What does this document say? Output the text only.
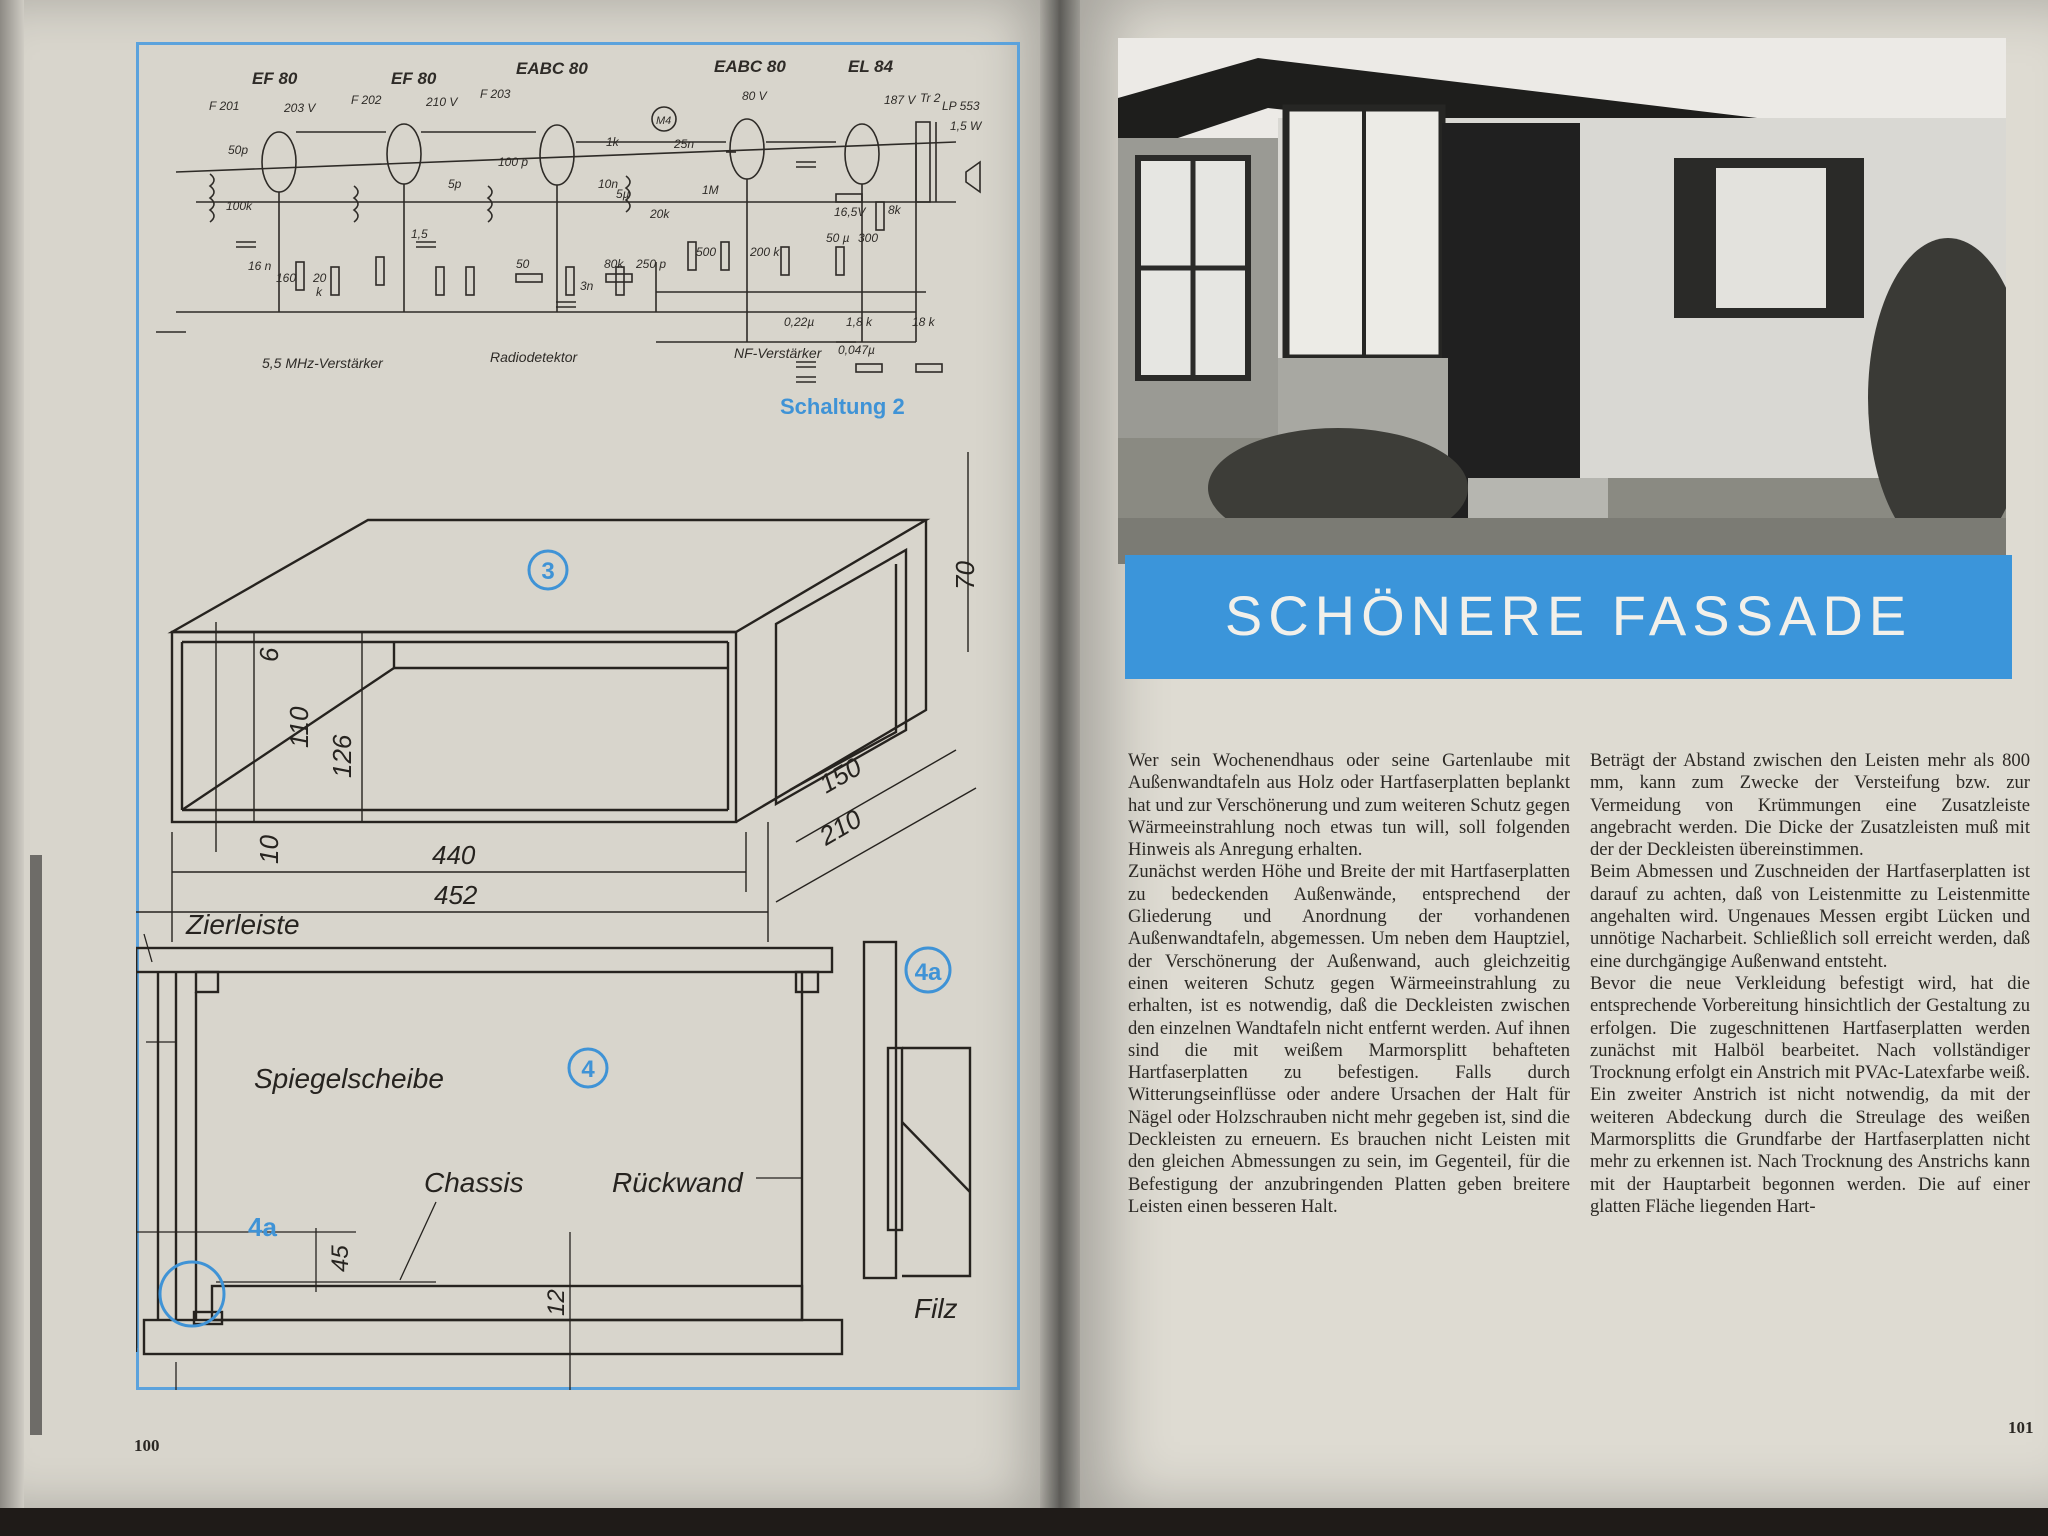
EF 80	EF 80
EABC 80	EABC 80	EL 84
F 201	F 202	F 203
203 V	210 V	80 V	187 V Tr 2
LP 553
1,5 W
M4
50p
100k
5p
100 p
1k
10n
5µ
25n
1M
20k
500	200 k
16,5V
50 µ 300
8k
16 n
160 20
k
1,5
50	80k 250 p
3n
0,22µ	1,8 k	18 k
0,047µ
5,5 MHz-Verstärker	Radiodetektor	NF-Verstärker
Schaltung 2
70
6
110
126
10	440
452
150
210
3
4
4a
4a
Zierleiste
Spiegelscheibe
Chassis	Rückwand
Filz
45
12
100
SCHÖNERE FASSADE

Wer sein Wochenendhaus oder seine Gartenlaube mit Außenwandtafeln aus Holz oder Hartfaserplatten beplankt hat und zur Verschönerung und zum weiteren Schutz gegen Wärmeeinstrahlung noch etwas tun will, soll folgenden Hinweis als Anregung erhalten.

Zunächst werden Höhe und Breite der mit Hartfaserplatten zu bedeckenden Außenwände, entsprechend der Gliederung und Anordnung der vorhandenen Außenwandtafeln, abgemessen. Um neben dem Hauptziel, der Verschönerung der Außenwand, auch gleichzeitig einen weiteren Schutz gegen Wärmeeinstrahlung zu erhalten, ist es notwendig, daß die Deckleisten zwischen den einzelnen Wandtafeln nicht entfernt werden. Auf ihnen sind die mit weißem Marmorsplitt behafteten Hartfaserplatten zu befestigen. Falls durch Witterungseinflüsse oder andere Ursachen der Halt für Nägel oder Holzschrauben nicht mehr gegeben ist, sind die Deckleisten zu erneuern. Es brauchen nicht Leisten mit den gleichen Abmessungen zu sein, im Gegenteil, für die Befestigung der anzubringenden Platten geben breitere Leisten einen besseren Halt.

Beträgt der Abstand zwischen den Leisten mehr als 800 mm, kann zum Zwecke der Versteifung bzw. zur Vermeidung von Krümmungen eine Zusatzleiste angebracht werden. Die Dicke der Zusatzleisten muß mit der der Deckleisten übereinstimmen.

Beim Abmessen und Zuschneiden der Hartfaserplatten ist darauf zu achten, daß von Leistenmitte zu Leistenmitte angehalten wird. Ungenaues Messen ergibt Lücken und unnötige Nacharbeit. Schließlich soll erreicht werden, daß eine durchgängige Außenwand entsteht.

Bevor die neue Verkleidung befestigt wird, hat die entsprechende Vorbereitung hinsichtlich der Gestaltung zu erfolgen. Die zugeschnittenen Hartfaserplatten werden zunächst mit Halböl bearbeitet. Nach vollständiger Trocknung erfolgt ein Anstrich mit PVAc-Latexfarbe weiß. Ein zweiter Anstrich ist nicht notwendig, da mit der weiteren Abdeckung durch die Streulage des weißen Marmorsplitts die Grundfarbe der Hartfaserplatten nicht mehr zu erkennen ist. Nach Trocknung des Anstrichs kann mit der Hauptarbeit begonnen werden. Die auf einer glatten Fläche liegenden Hart-

101
